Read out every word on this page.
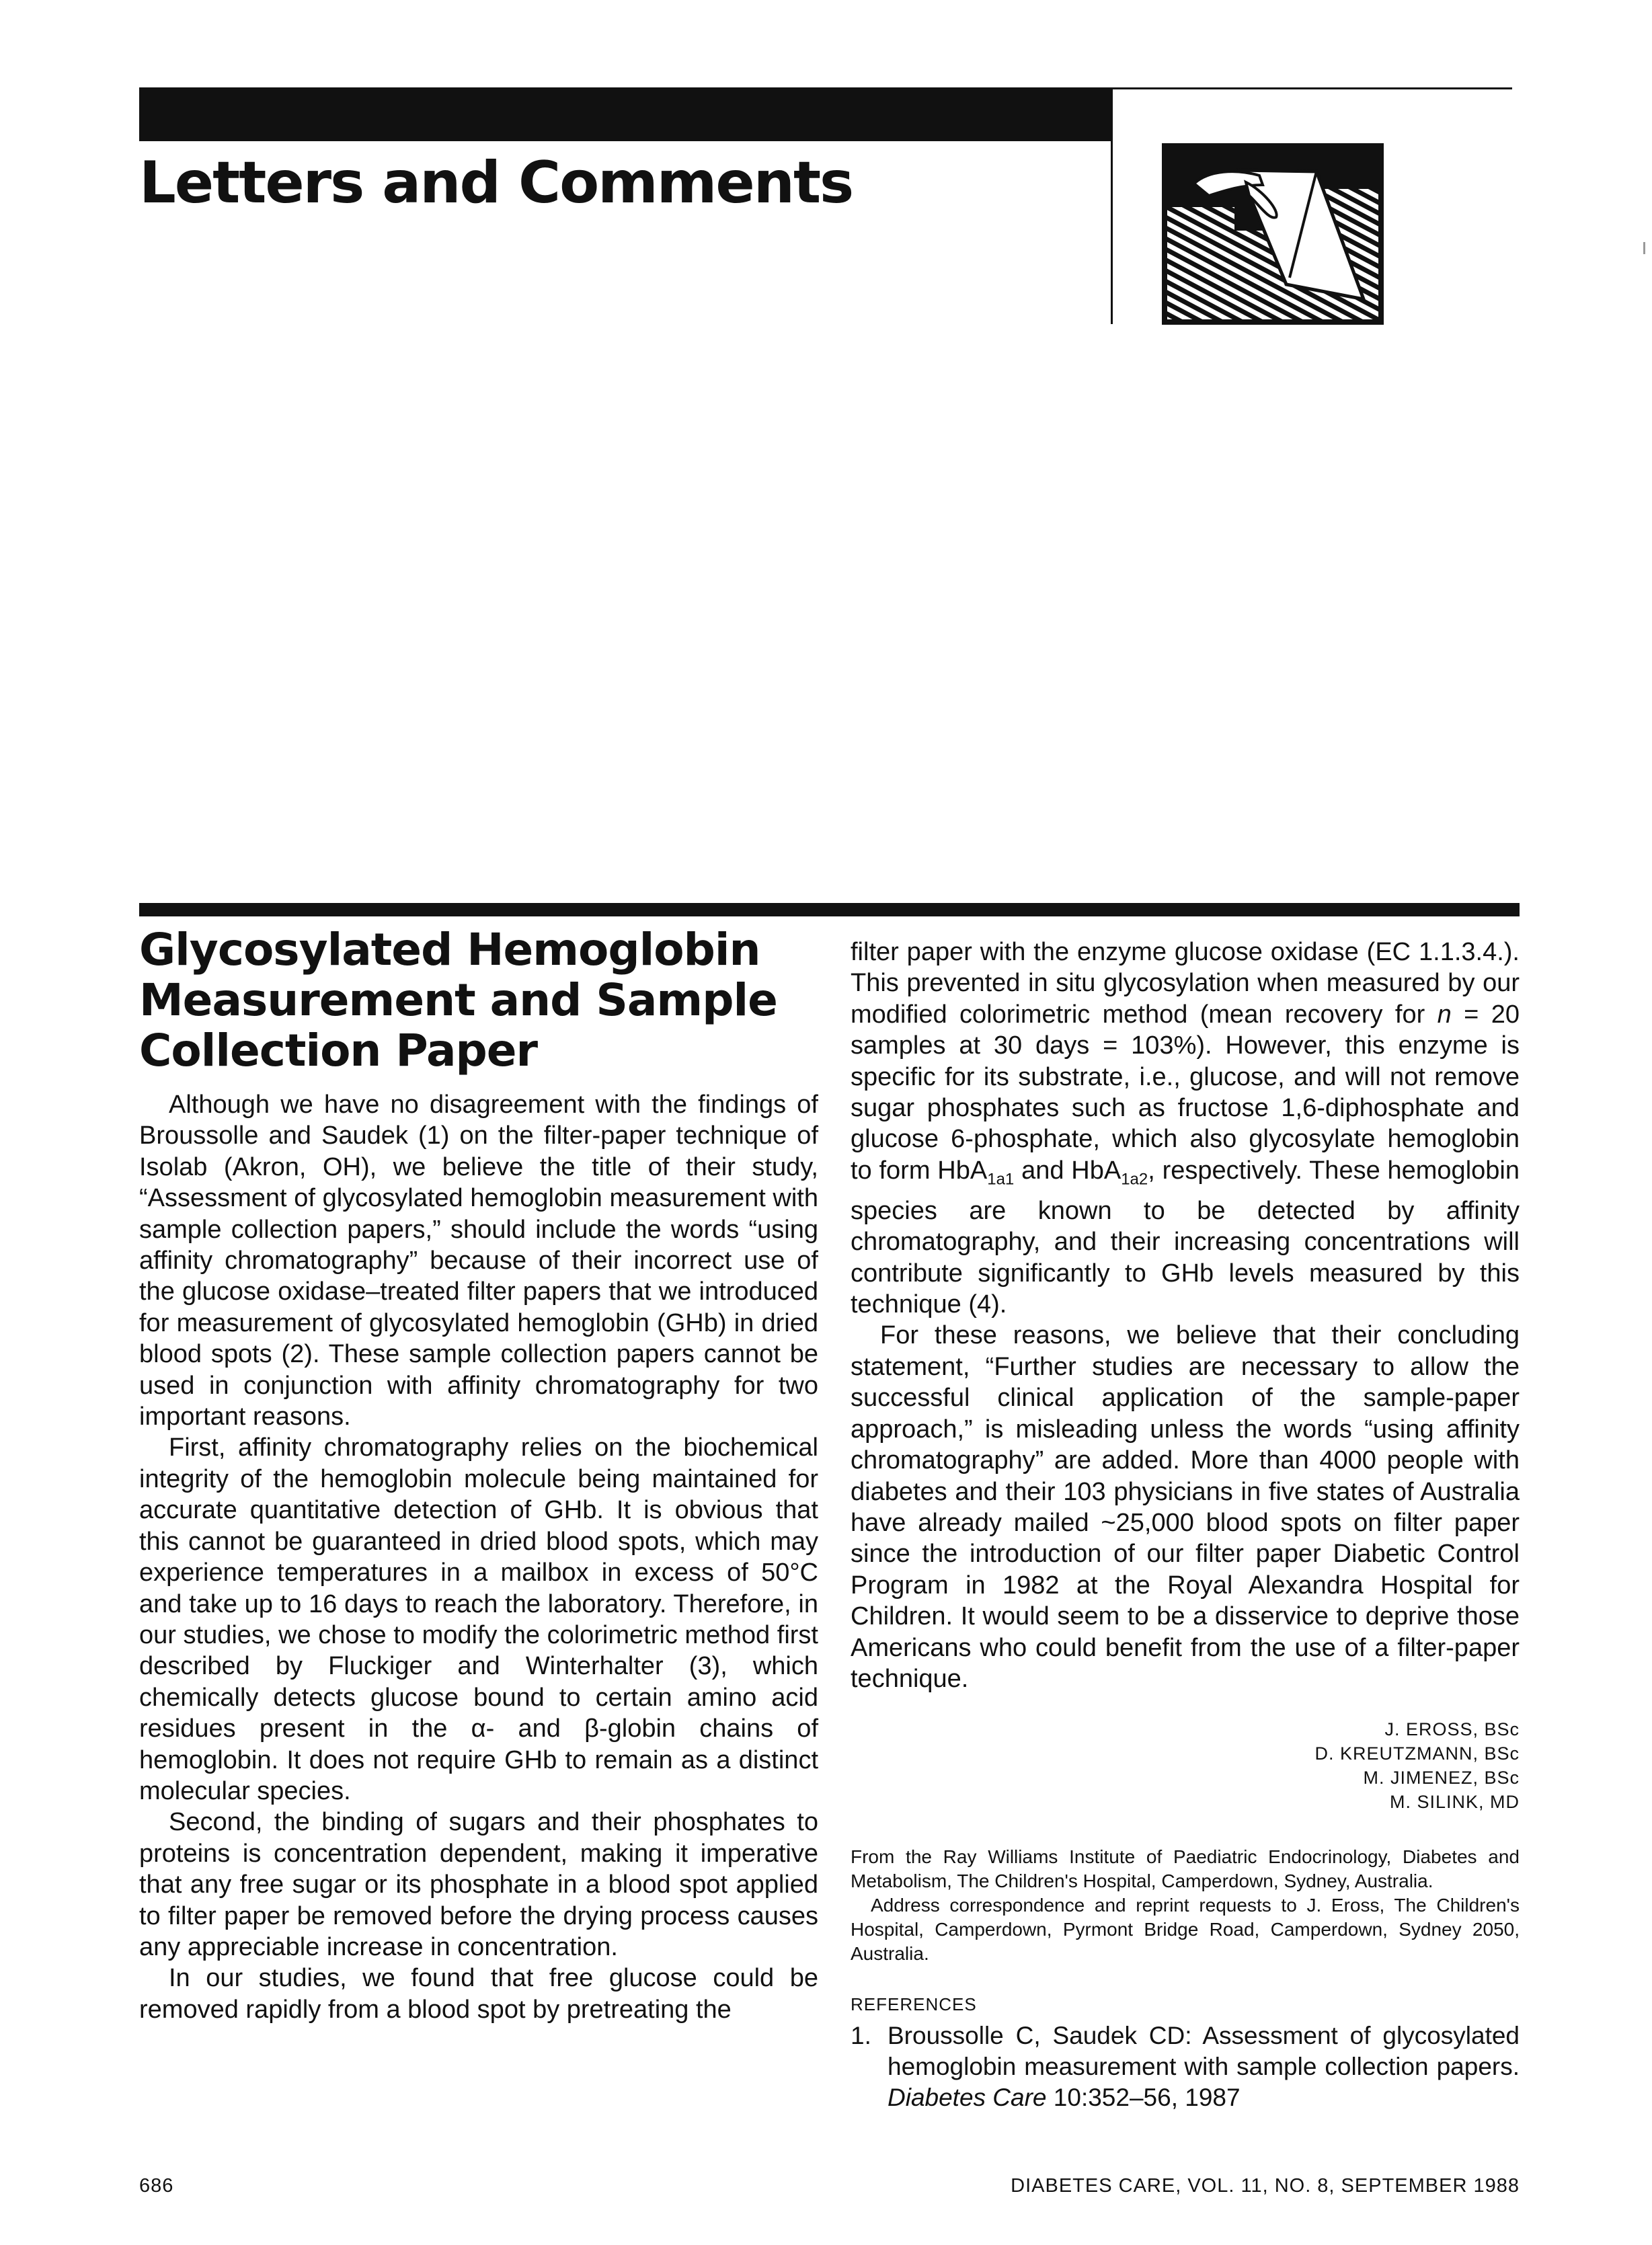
Letters and Comments
Glycosylated Hemoglobin Measurement and Sample Collection Paper

Although we have no disagreement with the findings of Broussolle and Saudek (1) on the filter-paper technique of Isolab (Akron, OH), we believe the title of their study, “Assessment of glycosylated hemoglobin measurement with sample collection papers,” should include the words “using affinity chromatography” because of their incorrect use of the glucose oxidase–treated filter papers that we introduced for measurement of glycosylated hemoglobin (GHb) in dried blood spots (2). These sample collection papers cannot be used in conjunction with affinity chromatography for two important reasons.

First, affinity chromatography relies on the biochemical integrity of the hemoglobin molecule being maintained for accurate quantitative detection of GHb. It is obvious that this cannot be guaranteed in dried blood spots, which may experience temperatures in a mailbox in excess of 50°C and take up to 16 days to reach the laboratory. Therefore, in our studies, we chose to modify the colorimetric method first described by Fluckiger and Winterhalter (3), which chemically detects glucose bound to certain amino acid residues present in the α- and β-globin chains of hemoglobin. It does not require GHb to remain as a distinct molecular species.

Second, the binding of sugars and their phosphates to proteins is concentration dependent, making it imperative that any free sugar or its phosphate in a blood spot applied to filter paper be removed before the drying process causes any appreciable increase in concentration.

In our studies, we found that free glucose could be removed rapidly from a blood spot by pretreating the

filter paper with the enzyme glucose oxidase (EC 1.1.3.4.). This prevented in situ glycosylation when measured by our modified colorimetric method (mean recovery for n = 20 samples at 30 days = 103%). However, this enzyme is specific for its substrate, i.e., glucose, and will not remove sugar phosphates such as fructose 1,6-diphosphate and glucose 6-phosphate, which also glycosylate hemoglobin to form HbA$_{1a1}$ and HbA$_{1a2}$, respectively. These hemoglobin species are known to be detected by affinity chromatography, and their increasing concentrations will contribute significantly to GHb levels measured by this technique (4).

For these reasons, we believe that their concluding statement, “Further studies are necessary to allow the successful clinical application of the sample-paper approach,” is misleading unless the words “using affinity chromatography” are added. More than 4000 people with diabetes and their 103 physicians in five states of Australia have already mailed ~25,000 blood spots on filter paper since the introduction of our filter paper Diabetic Control Program in 1982 at the Royal Alexandra Hospital for Children. It would seem to be a disservice to deprive those Americans who could benefit from the use of a filter-paper technique.

J. EROSS, BSc
D. KREUTZMANN, BSc
M. JIMENEZ, BSc
M. SILINK, MD

From the Ray Williams Institute of Paediatric Endocrinology, Diabetes and Metabolism, The Children's Hospital, Camperdown, Sydney, Australia.

Address correspondence and reprint requests to J. Eross, The Children's Hospital, Camperdown, Pyrmont Bridge Road, Camperdown, Sydney 2050, Australia.

REFERENCES
1. Broussolle C, Saudek CD: Assessment of glycosylated hemoglobin measurement with sample collection papers. Diabetes Care 10:352–56, 1987
686	DIABETES CARE, VOL. 11, NO. 8, SEPTEMBER 1988
